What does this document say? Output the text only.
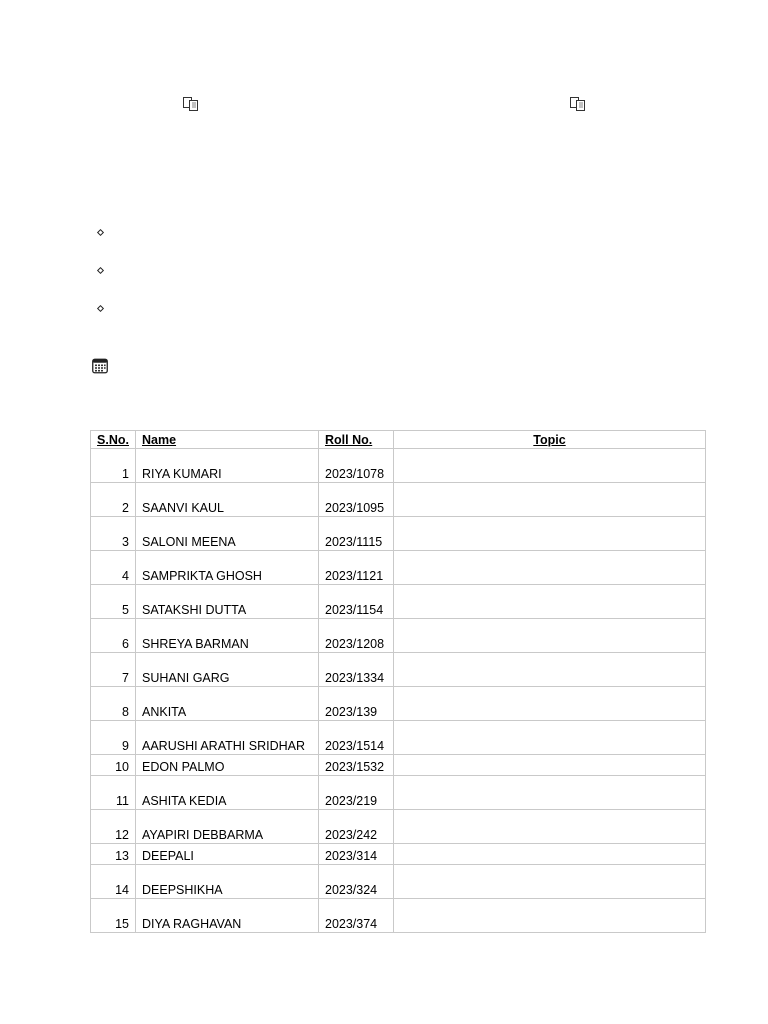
S.No.	Name	Roll No.	Topic
1	RIYA KUMARI	2023/1078	
2	SAANVI KAUL	2023/1095	
3	SALONI MEENA	2023/1115	
4	SAMPRIKTA GHOSH	2023/1121	
5	SATAKSHI DUTTA	2023/1154	
6	SHREYA BARMAN	2023/1208	
7	SUHANI GARG	2023/1334	
8	ANKITA	2023/139	
9	AARUSHI ARATHI SRIDHAR	2023/1514	
10	EDON PALMO	2023/1532	
11	ASHITA KEDIA	2023/219	
12	AYAPIRI DEBBARMA	2023/242	
13	DEEPALI	2023/314	
14	DEEPSHIKHA	2023/324	
15	DIYA RAGHAVAN	2023/374	
